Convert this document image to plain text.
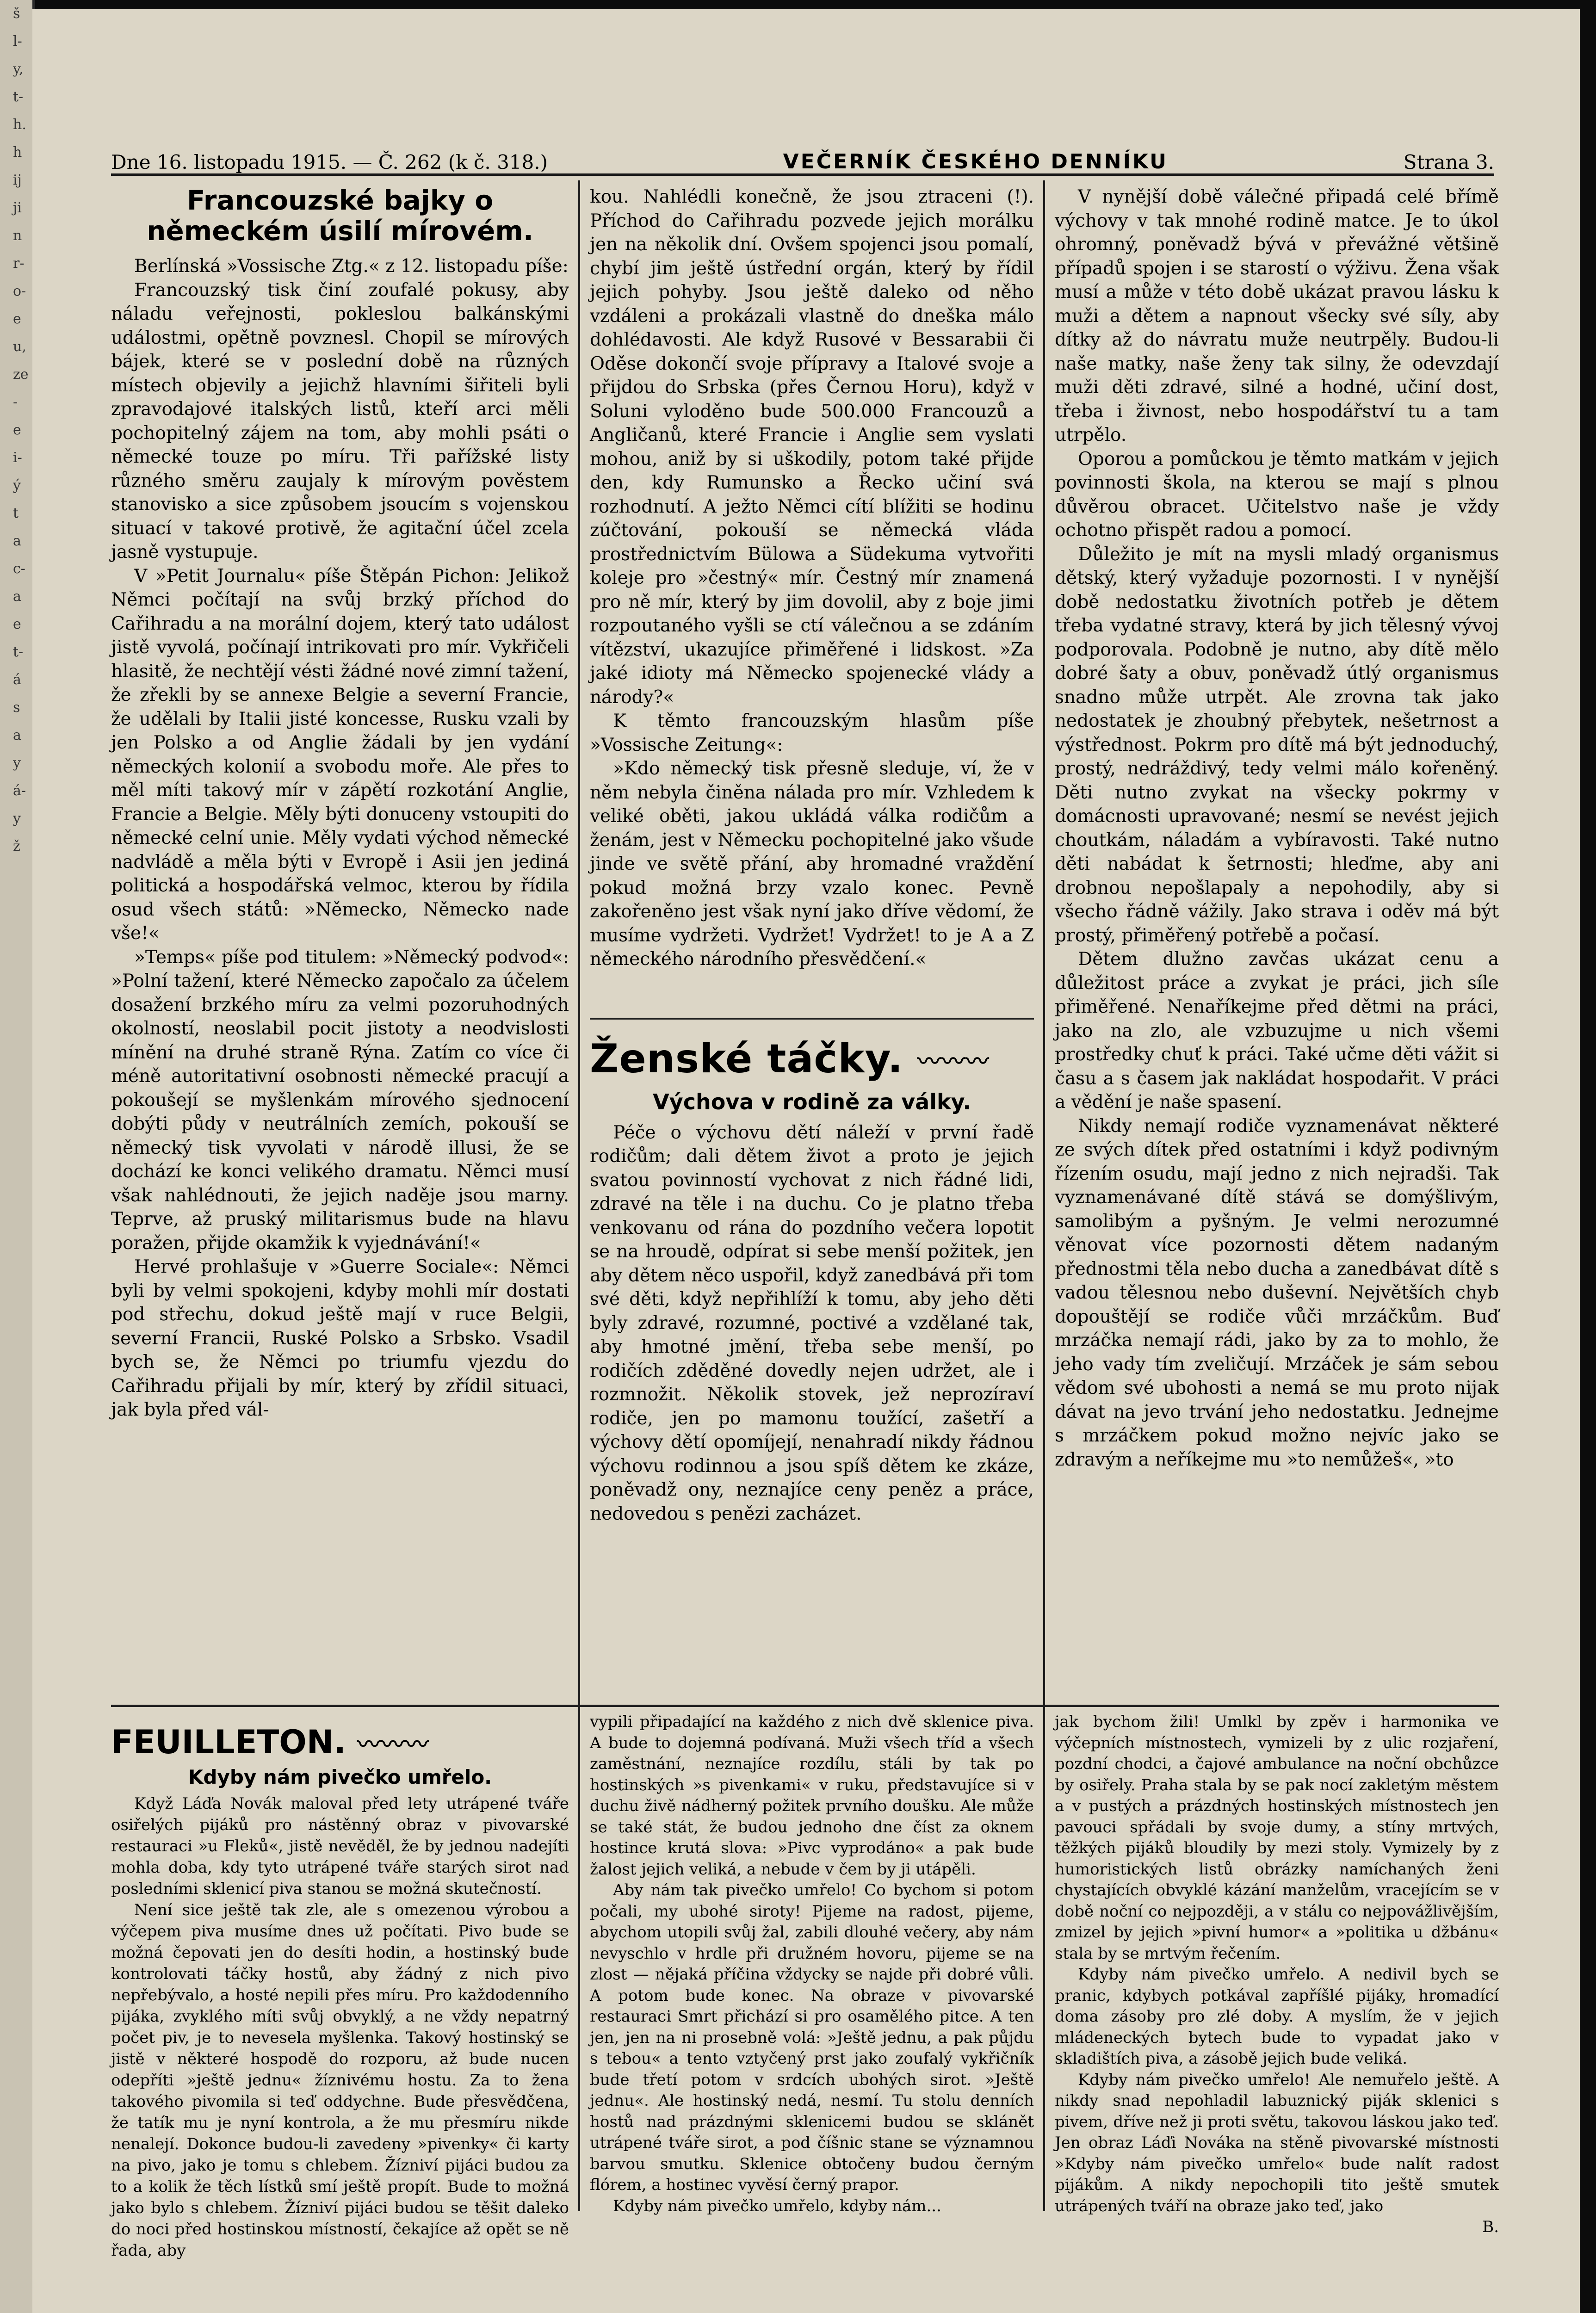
š
l-
y,
t-
h.
h
ij
ji
n
r-
o-
e
u,
ze
-
e
i-
ý
t
a
c-
a
e
t-
á
s
a
y
á-
y
ž
Dne 16. listopadu 1915. — Č. 262 (k č. 318.)	VEČERNÍK ČESKÉHO DENNÍKU	Strana 3.
Francouzské bajky o německém úsilí mírovém.

Berlínská »Vossische Ztg.« z 12. listopadu píše:

Francouzský tisk činí zoufalé pokusy, aby náladu veřejnosti, pokleslou balkánskými událostmi, opětně povznesl. Chopil se mírových bájek, které se v poslední době na různých místech objevily a jejichž hlavními šiřiteli byli zpravodajové italských listů, kteří arci měli pochopitelný zájem na tom, aby mohli psáti o německé touze po míru. Tři pařížské listy různého směru zaujaly k mírovým pověstem stanovisko a sice způsobem jsoucím s vojenskou situací v takové protivě, že agitační účel zcela jasně vystupuje.

V »Petit Journalu« píše Štěpán Pichon: Jelikož Němci počítají na svůj brzký příchod do Cařihradu a na morální dojem, který tato událost jistě vyvolá, počínají intrikovati pro mír. Vykřičeli hlasitě, že nechtějí vésti žádné nové zimní tažení, že zřekli by se annexe Belgie a severní Francie, že udělali by Italii jisté koncesse, Rusku vzali by jen Polsko a od Anglie žádali by jen vydání německých kolonií a svobodu moře. Ale přes to měl míti takový mír v zápětí rozkotání Anglie, Francie a Belgie. Měly býti donuceny vstoupiti do německé celní unie. Měly vydati východ německé nadvládě a měla býti v Evropě i Asii jen jediná politická a hospodářská velmoc, kterou by řídila osud všech států: »Německo, Německo nade vše!«

»Temps« píše pod titulem: »Německý podvod«: »Polní tažení, které Německo započalo za účelem dosažení brzkého míru za velmi pozoruhodných okolností, neoslabil pocit jistoty a neodvislosti mínění na druhé straně Rýna. Zatím co více či méně autoritativní osobnosti německé pracují a pokoušejí se myšlenkám mírového sjednocení dobýti půdy v neutrálních zemích, pokouší se německý tisk vyvolati v národě illusi, že se dochází ke konci velikého dramatu. Němci musí však nahlédnouti, že jejich naděje jsou marny. Teprve, až pruský militarismus bude na hlavu poražen, přijde okamžik k vyjednávání!«

Hervé prohlašuje v »Guerre Sociale«: Němci byli by velmi spokojeni, kdyby mohli mír dostati pod střechu, dokud ještě mají v ruce Belgii, severní Francii, Ruské Polsko a Srbsko. Vsadil bych se, že Němci po triumfu vjezdu do Cařihradu přijali by mír, který by zřídil situaci, jak byla před vál-

kou. Nahlédli konečně, že jsou ztraceni (!). Příchod do Cařihradu pozvede jejich morálku jen na několik dní. Ovšem spojenci jsou pomalí, chybí jim ještě ústřední orgán, který by řídil jejich pohyby. Jsou ještě daleko od něho vzdáleni a prokázali vlastně do dneška málo dohlédavosti. Ale když Rusové v Bessarabii či Oděse dokončí svoje přípravy a Italové svoje a přijdou do Srbska (přes Černou Horu), když v Soluni vyloděno bude 500.000 Francouzů a Angličanů, které Francie i Anglie sem vyslati mohou, aniž by si uškodily, potom také přijde den, kdy Rumunsko a Řecko učiní svá rozhodnutí. A ježto Němci cítí blížiti se hodinu zúčtování, pokouší se německá vláda prostřednictvím Bülowa a Südekuma vytvořiti koleje pro »čestný« mír. Čestný mír znamená pro ně mír, který by jim dovolil, aby z boje jimi rozpoutaného vyšli se ctí válečnou a se zdáním vítězství, ukazujíce přiměřené i lidskost. »Za jaké idioty má Německo spojenecké vlády a národy?«

K těmto francouzským hlasům píše »Vossische Zeitung«:

»Kdo německý tisk přesně sleduje, ví, že v něm nebyla činěna nálada pro mír. Vzhledem k veliké oběti, jakou ukládá válka rodičům a ženám, jest v Německu pochopitelné jako všude jinde ve světě přání, aby hromadné vraždění pokud možná brzy vzalo konec. Pevně zakořeněno jest však nyní jako dříve vědomí, že musíme vydržeti. Vydržet! Vydržet! to je A a Z německého národního přesvědčení.«

Ženské táčky. 〰〰〰
Výchova v rodině za války.

Péče o výchovu dětí náleží v první řadě rodičům; dali dětem život a proto je jejich svatou povinností vychovat z nich řádné lidi, zdravé na těle i na duchu. Co je platno třeba venkovanu od rána do pozdního večera lopotit se na hroudě, odpírat si sebe menší požitek, jen aby dětem něco uspořil, když zanedbává při tom své děti, když nepřihlíží k tomu, aby jeho děti byly zdravé, rozumné, poctivé a vzdělané tak, aby hmotné jmění, třeba sebe menší, po rodičích zděděné dovedly nejen udržet, ale i rozmnožit. Několik stovek, jež neprozíraví rodiče, jen po mamonu toužící, zašetří a výchovy dětí opomíjejí, nenahradí nikdy řádnou výchovu rodinnou a jsou spíš dětem ke zkáze, poněvadž ony, neznajíce ceny peněz a práce, nedovedou s penězi zacházet.

V nynější době válečné připadá celé břímě výchovy v tak mnohé rodině matce. Je to úkol ohromný, poněvadž bývá v převážné většině případů spojen i se starostí o výživu. Žena však musí a může v této době ukázat pravou lásku k muži a dětem a napnout všecky své síly, aby dítky až do návratu muže neutrpěly. Budou-li naše matky, naše ženy tak silny, že odevzdají muži děti zdravé, silné a hodné, učiní dost, třeba i živnost, nebo hospodářství tu a tam utrpělo.

Oporou a pomůckou je těmto matkám v jejich povinnosti škola, na kterou se mají s plnou důvěrou obracet. Učitelstvo naše je vždy ochotno přispět radou a pomocí.

Důležito je mít na mysli mladý organismus dětský, který vyžaduje pozornosti. I v nynější době nedostatku životních potřeb je dětem třeba vydatné stravy, která by jich tělesný vývoj podporovala. Podobně je nutno, aby dítě mělo dobré šaty a obuv, poněvadž útlý organismus snadno může utrpět. Ale zrovna tak jako nedostatek je zhoubný přebytek, nešetrnost a výstřednost. Pokrm pro dítě má být jednoduchý, prostý, nedráždivý, tedy velmi málo kořeněný. Děti nutno zvykat na všecky pokrmy v domácnosti upravované; nesmí se nevést jejich choutkám, náladám a vybíravosti. Také nutno děti nabádat k šetrnosti; hleďme, aby ani drobnou nepošlapaly a nepohodily, aby si všecho řádně vážily. Jako strava i oděv má být prostý, přiměřený potřebě a počasí.

Dětem dlužno zavčas ukázat cenu a důležitost práce a zvykat je práci, jich síle přiměřené. Nenaříkejme před dětmi na práci, jako na zlo, ale vzbuzujme u nich všemi prostředky chuť k práci. Také učme děti vážit si času a s časem jak nakládat hospodařit. V práci a vědění je naše spasení.

Nikdy nemají rodiče vyznamenávat některé ze svých dítek před ostatními i když podivným řízením osudu, mají jedno z nich nejradši. Tak vyznamenávané dítě stává se domýšlivým, samolibým a pyšným. Je velmi nerozumné věnovat více pozornosti dětem nadaným přednostmi těla nebo ducha a zanedbávat dítě s vadou tělesnou nebo duševní. Největších chyb dopouštějí se rodiče vůči mrzáčkům. Buď mrzáčka nemají rádi, jako by za to mohlo, že jeho vady tím zveličují. Mrzáček je sám sebou vědom své ubohosti a nemá se mu proto nijak dávat na jevo trvání jeho nedostatku. Jednejme s mrzáčkem pokud možno nejvíc jako se zdravým a neříkejme mu »to nemůžeš«, »to

FEUILLETON. 〰〰〰
Kdyby nám pivečko umřelo.

Když Láďa Novák maloval před lety utrápené tváře osiřelých pijáků pro nástěnný obraz v pivovarské restauraci »u Fleků«, jistě nevěděl, že by jednou nadejíti mohla doba, kdy tyto utrápené tváře starých sirot nad posledními sklenicí piva stanou se možná skutečností.

Není sice ještě tak zle, ale s omezenou výrobou a výčepem piva musíme dnes už počítati. Pivo bude se možná čepovati jen do desíti hodin, a hostinský bude kontrolovati táčky hostů, aby žádný z nich pivo nepřebývalo, a hosté nepili přes míru. Pro každodenního pijáka, zvyklého míti svůj obvyklý, a ne vždy nepatrný počet piv, je to nevesela myšlenka. Takový hostinský se jistě v některé hospodě do rozporu, až bude nucen odepříti »ještě jednu« žíznivému hostu. Za to žena takového pivomila si teď oddychne. Bude přesvědčena, že tatík mu je nyní kontrola, a že mu přesmíru nikde nenalejí. Dokonce budou-li zavedeny »pivenky« či karty na pivo, jako je tomu s chlebem. Žízniví pijáci budou za to a kolik že těch lístků smí ještě propít. Bude to možná jako bylo s chlebem. Žízniví pijáci budou se těšit daleko do noci před hostinskou místností, čekajíce až opět se ně řada, aby

vypili připadající na každého z nich dvě sklenice piva. A bude to dojemná podívaná. Muži všech tříd a všech zaměstnání, neznajíce rozdílu, stáli by tak po hostinských »s pivenkami« v ruku, představujíce si v duchu živě nádherný požitek prvního doušku. Ale může se také stát, že budou jednoho dne číst za oknem hostince krutá slova: »Pivc vyprodáno« a pak bude žalost jejich veliká, a nebude v čem by ji utápěli.

Aby nám tak pivečko umřelo! Co bychom si potom počali, my ubohé siroty! Pijeme na radost, pijeme, abychom utopili svůj žal, zabili dlouhé večery, aby nám nevyschlo v hrdle při družném hovoru, pijeme se na zlost — nějaká příčina vždycky se najde při dobré vůli. A potom bude konec. Na obraze v pivovarské restauraci Smrt přichází si pro osamělého pitce. A ten jen, jen na ni prosebně volá: »Ještě jednu, a pak půjdu s tebou« a tento vztyčený prst jako zoufalý vykřičník bude třetí potom v srdcích ubohých sirot. »Ještě jednu«. Ale hostinský nedá, nesmí. Tu stolu denních hostů nad prázdnými sklenicemi budou se sklánět utrápené tváře sirot, a pod číšnic stane se významnou barvou smutku. Sklenice obtočeny budou černým flórem, a hostinec vyvěsí černý prapor.

Kdyby nám pivečko umřelo, kdyby nám...

jak bychom žili! Umlkl by zpěv i harmonika ve výčepních místnostech, vymizeli by z ulic rozjaření, pozdní chodci, a čajové ambulance na noční obchůzce by osiřely. Praha stala by se pak nocí zakletým městem a v pustých a prázdných hostinských místnostech jen pavouci spřádali by svoje dumy, a stíny mrtvých, těžkých pijáků bloudily by mezi stoly. Vymizely by z humoristických listů obrázky namíchaných ženi chystajících obvyklé kázání manželům, vracejícím se v době noční co nejpozději, a v stálu co nejpovážlivějším, zmizel by jejich »pivní humor« a »politika u džbánu« stala by se mrtvým řečením.

Kdyby nám pivečko umřelo. A nedivil bych se pranic, kdybych potkával zapříšlé pijáky, hromadící doma zásoby pro zlé doby. A myslím, že v jejich mládeneckých bytech bude to vypadat jako v skladištích piva, a zásobě jejich bude veliká.

Kdyby nám pivečko umřelo! Ale nemuřelo ještě. A nikdy snad nepohladil labuznický piják sklenici s pivem, dříve než ji proti světu, takovou láskou jako teď. Jen obraz Láďi Nováka na stěně pivovarské místnosti »Kdyby nám pivečko umřelo« bude nalít radost pijákům. A nikdy nepochopili tito ještě smutek utrápených tváří na obraze jako teď, jako

B.
